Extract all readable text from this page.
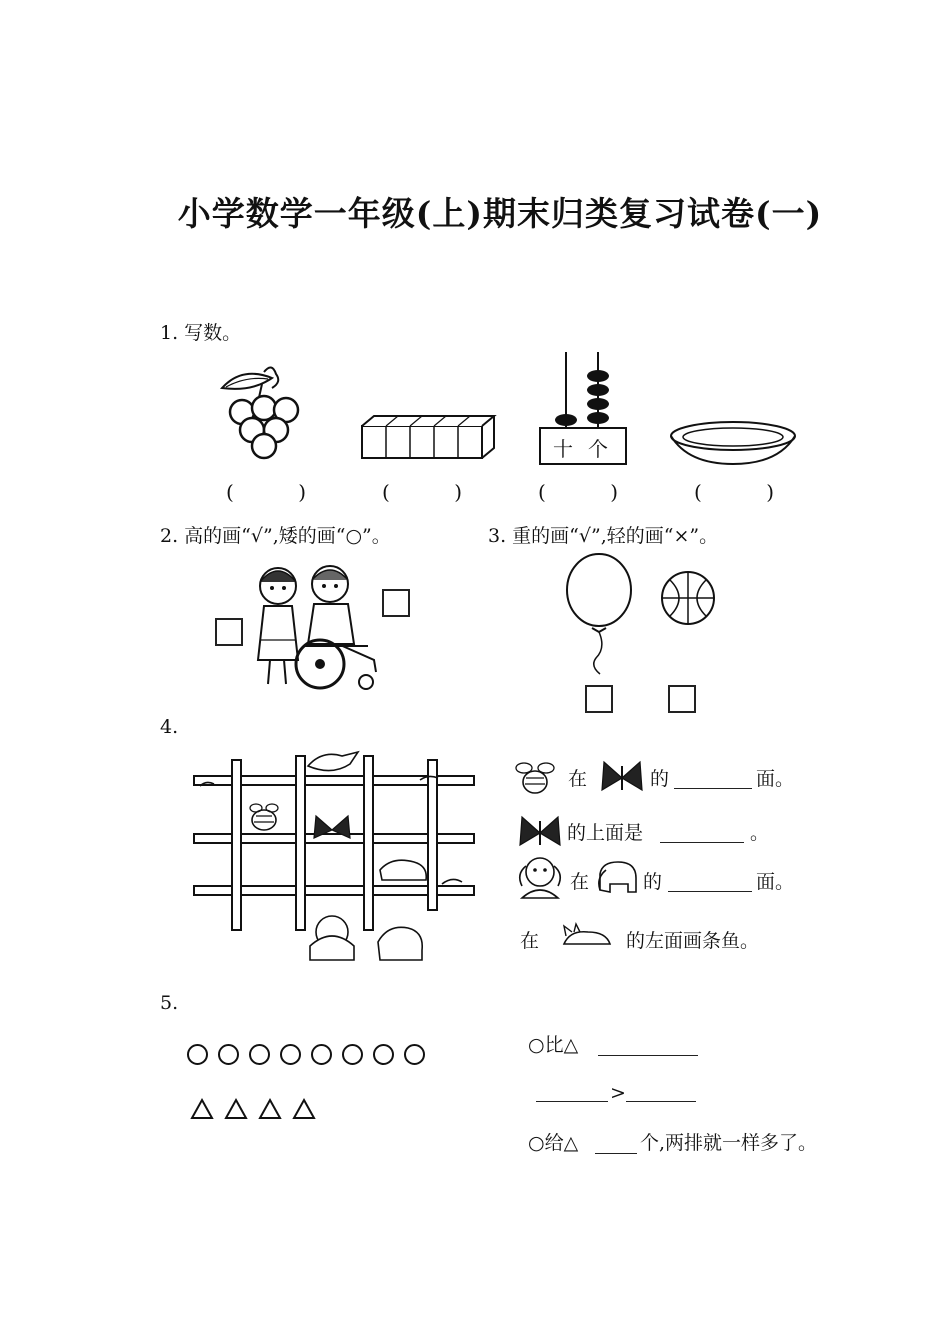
小学数学一年级(上)期末归类复习试卷(一)
1. 写数。
十 个
(	)	(	)	(	)	(	)
2. 高的画“√”,矮的画“○”。	3. 重的画“√”,轻的画“×”。
4.
在	的	面。
的上面是	。
在	的	面。
在	的左面画条鱼。
5.
○比△
>
○给△	个,两排就一样多了。
